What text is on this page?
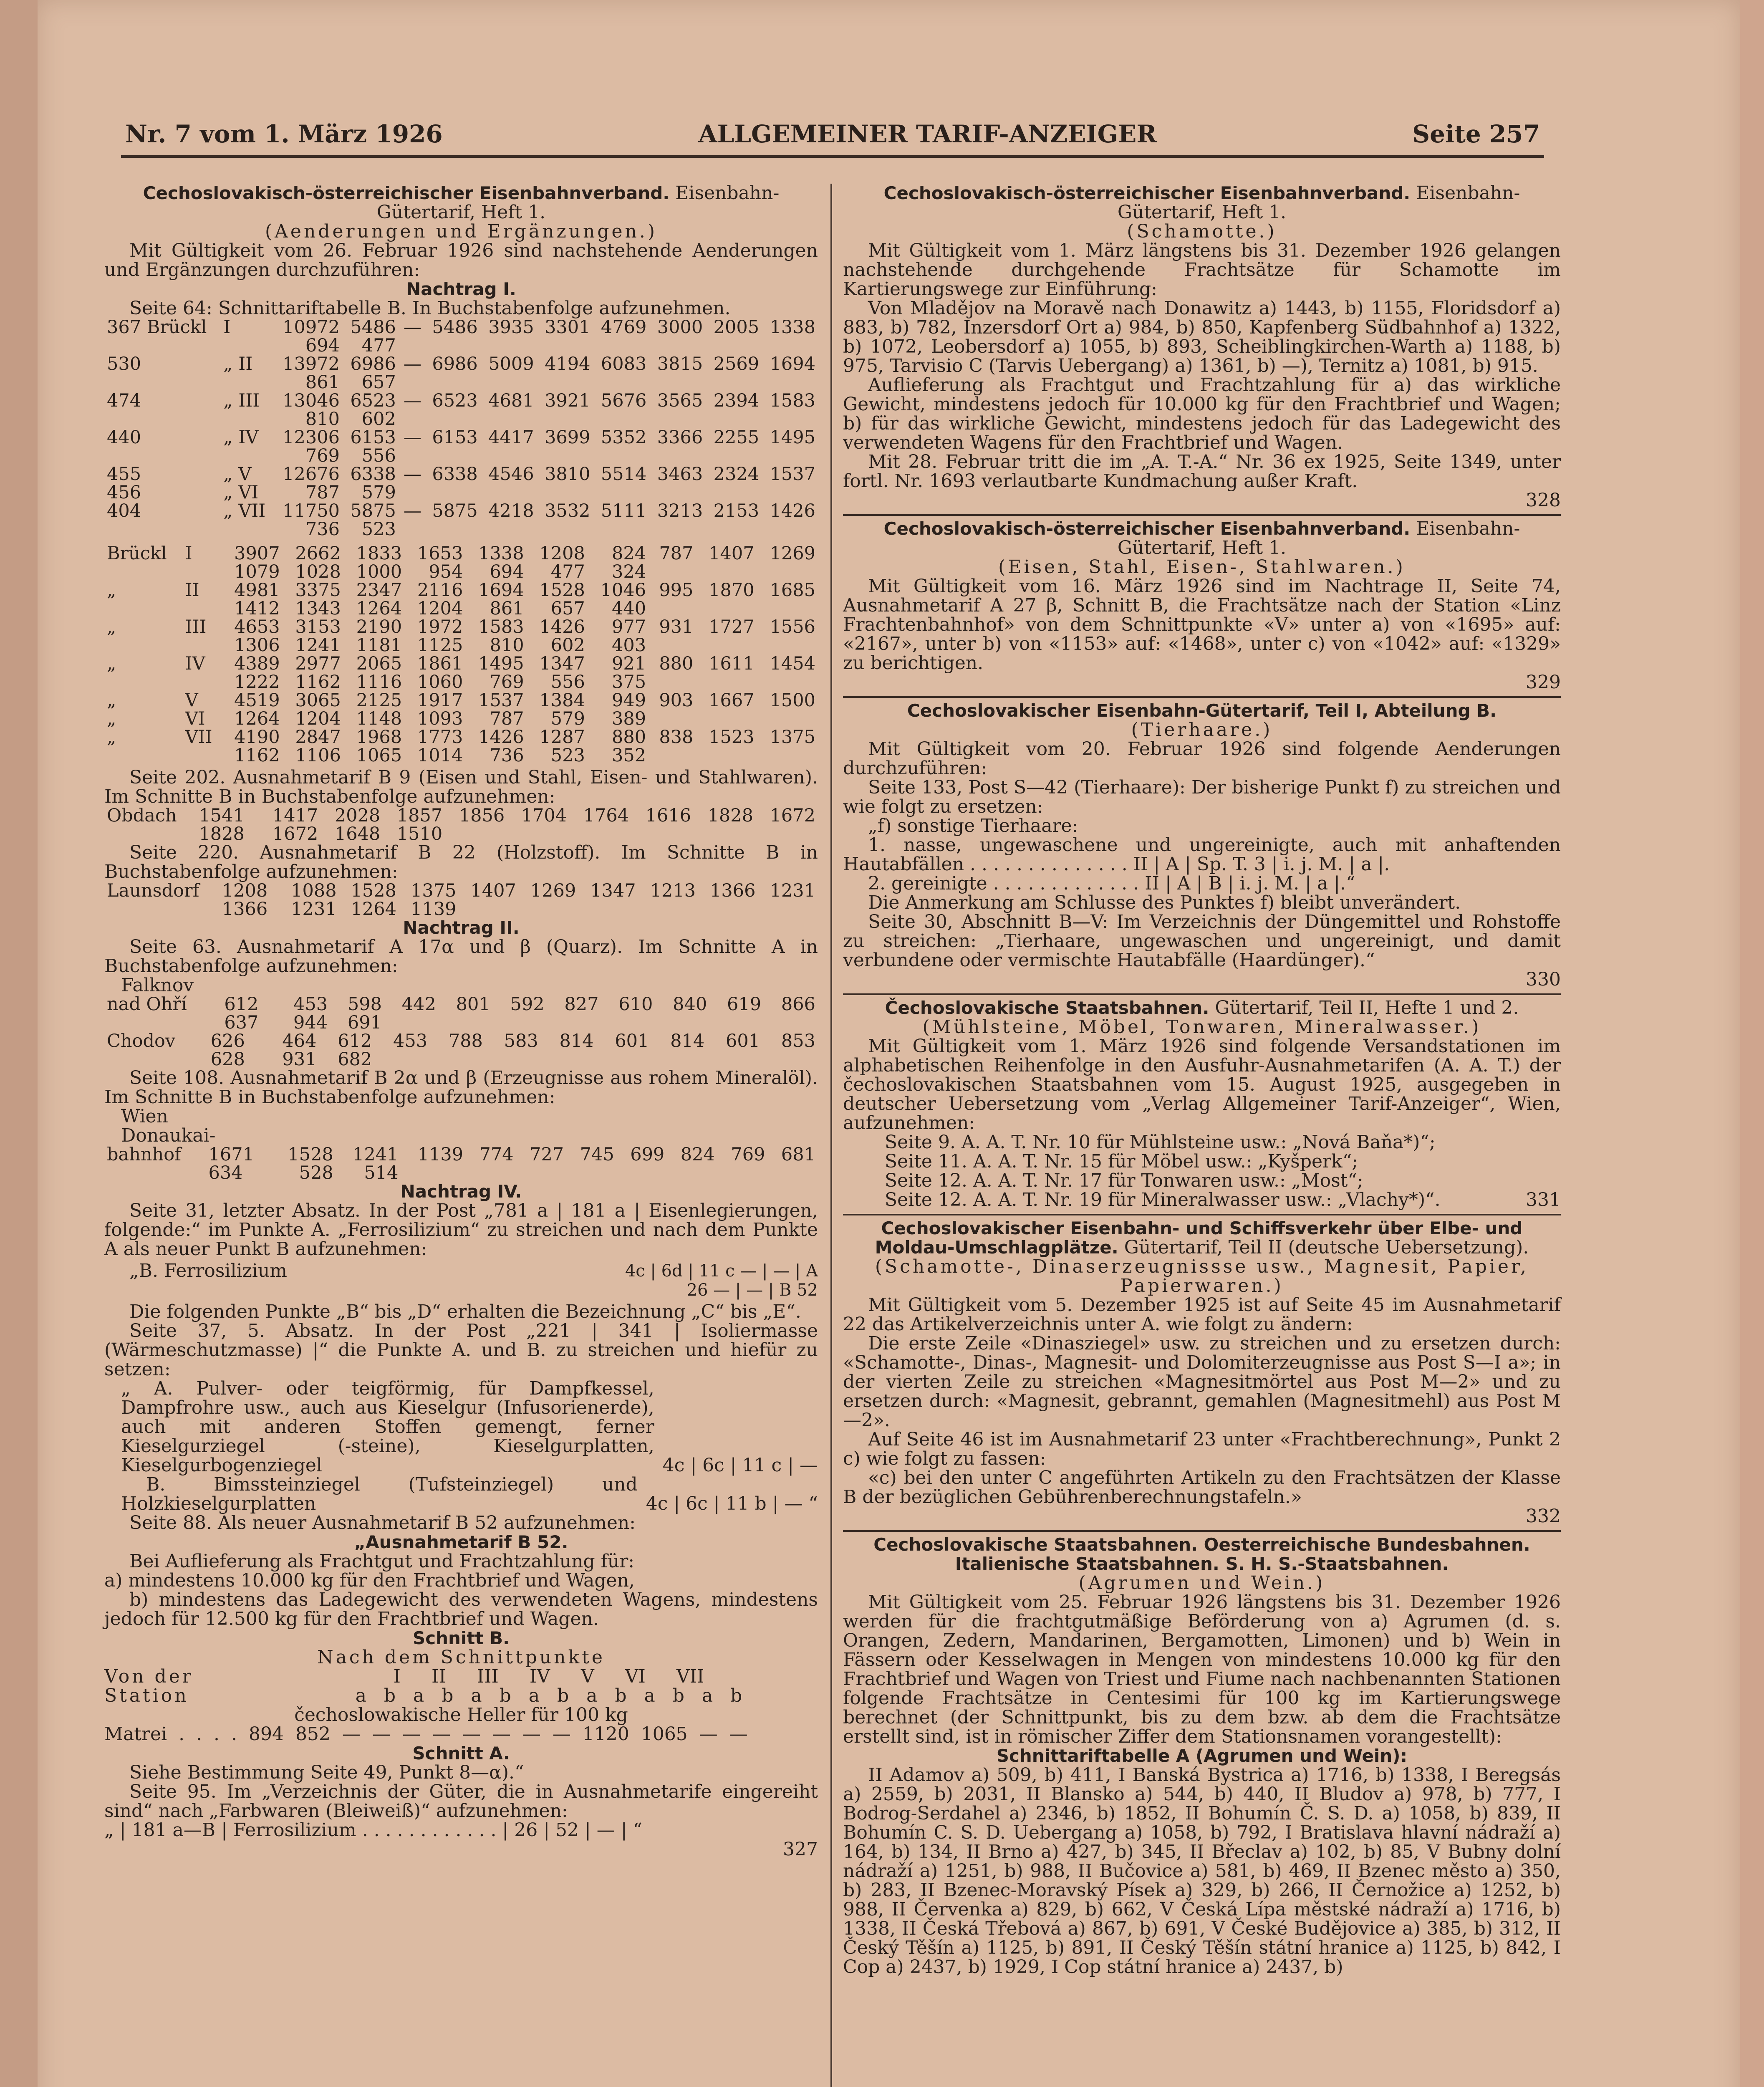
Nr. 7 vom 1. März 1926	ALLGEMEINER TARIF-ANZEIGER	Seite 257
Cechoslovakisch-österreichischer Eisenbahnverband. Eisenbahn-Gütertarif, Heft 1.
(Aenderungen und Ergänzungen.)

Mit Gültigkeit vom 26. Februar 1926 sind nachstehende Aenderungen und Ergänzungen durchzuführen:

Nachtrag I.

Seite 64: Schnittariftabelle B. In Buchstabenfolge aufzunehmen.

367 Brückl	I	10972	5486	—	5486	3935	3301	4769	3000	2005	1338
		694	477								
530	„ II	13972	6986	—	6986	5009	4194	6083	3815	2569	1694
		861	657								
474	„ III	13046	6523	—	6523	4681	3921	5676	3565	2394	1583
		810	602								
440	„ IV	12306	6153	—	6153	4417	3699	5352	3366	2255	1495
		769	556								
455	„ V	12676	6338	—	6338	4546	3810	5514	3463	2324	1537
456	„ VI	787	579								
404	„ VII	11750	5875	—	5875	4218	3532	5111	3213	2153	1426
		736	523								
Brückl	I	3907	2662	1833	1653	1338	1208	824	787	1407	1269
		1079	1028	1000	954	694	477	324			
„	II	4981	3375	2347	2116	1694	1528	1046	995	1870	1685
		1412	1343	1264	1204	861	657	440			
„	III	4653	3153	2190	1972	1583	1426	977	931	1727	1556
		1306	1241	1181	1125	810	602	403			
„	IV	4389	2977	2065	1861	1495	1347	921	880	1611	1454
		1222	1162	1116	1060	769	556	375			
„	V	4519	3065	2125	1917	1537	1384	949	903	1667	1500
„	VI	1264	1204	1148	1093	787	579	389			
„	VII	4190	2847	1968	1773	1426	1287	880	838	1523	1375
		1162	1106	1065	1014	736	523	352			

Seite 202. Ausnahmetarif B 9 (Eisen und Stahl, Eisen- und Stahlwaren). Im Schnitte B in Buchstabenfolge aufzunehmen:

Obdach	1541	1417	2028	1857	1856	1704	1764	1616	1828	1672
	1828	1672	1648	1510						

Seite 220. Ausnahmetarif B 22 (Holzstoff). Im Schnitte B in Buchstabenfolge aufzunehmen:

Launsdorf	1208	1088	1528	1375	1407	1269	1347	1213	1366	1231
	1366	1231	1264	1139						
Nachtrag II.

Seite 63. Ausnahmetarif A 17α und β (Quarz). Im Schnitte A in Buchstabenfolge aufzunehmen:

Falknov
nad Ohří	612	453	598	442	801	592	827	610	840	619	866
	637	944	691								
Chodov	626	464	612	453	788	583	814	601	814	601	853
	628	931	682								

Seite 108. Ausnahmetarif B 2α und β (Erzeugnisse aus rohem Mineralöl). Im Schnitte B in Buchstabenfolge aufzunehmen:

Wien
Donaukai-
bahnhof	1671	1528	1241	1139	774	727	745	699	824	769	681
	634	528	514								
Nachtrag IV.

Seite 31, letzter Absatz. In der Post „781 a | 181 a | Eisenlegierungen, folgende:“ im Punkte A. „Ferrosilizium“ zu streichen und nach dem Punkte A als neuer Punkt B aufzunehmen:

„B. Ferrosilizium	4c | 6d | 11 c — | — | A 26 — | — | B 52

Die folgenden Punkte „B“ bis „D“ erhalten die Bezeichnung „C“ bis „E“.

Seite 37, 5. Absatz. In der Post „221 | 341 | Isoliermasse (Wärmeschutzmasse) |“ die Punkte A. und B. zu streichen und hiefür zu setzen:

„ A. Pulver- oder teigförmig, für Dampfkessel, Dampfrohre usw., auch aus Kieselgur (Infusorienerde), auch mit anderen Stoffen gemengt, ferner Kieselgurziegel (-steine), Kieselgurplatten, Kieselgurbogenziegel	4c | 6c | 11 c | —

B. Bimssteinziegel (Tufsteinziegel) und Holzkieselgurplatten	4c | 6c | 11 b | — “

Seite 88. Als neuer Ausnahmetarif B 52 aufzunehmen:

„Ausnahmetarif B 52.

Bei Auflieferung als Frachtgut und Frachtzahlung für:

a) mindestens 10.000 kg für den Frachtbrief und Wagen,

b) mindestens das Ladegewicht des verwendeten Wagens, mindestens jedoch für 12.500 kg für den Frachtbrief und Wagen.

Schnitt B.
Nach dem Schnittpunkte
Von der Station
I II III IV V VI VII
a b a b a b a b a b a b a b
čechoslowakische Heller für 100 kg
Matrei . . . . 894 852 — — — — — — — — 1120 1065 — —
Schnitt A.

Siehe Bestimmung Seite 49, Punkt 8—α).“

Seite 95. Im „Verzeichnis der Güter, die in Ausnahmetarife eingereiht sind“ nach „Farbwaren (Bleiweiß)“ aufzunehmen:

„ | 181 a—B | Ferrosilizium . . . . . . . . . . . . | 26 | 52 | — | “

327
Cechoslovakisch-österreichischer Eisenbahnverband. Eisenbahn-Gütertarif, Heft 1.
(Schamotte.)

Mit Gültigkeit vom 1. März längstens bis 31. Dezember 1926 gelangen nachstehende durchgehende Frachtsätze für Schamotte im Kartierungswege zur Einführung:

Von Mladějov na Moravě nach Donawitz a) 1443, b) 1155, Floridsdorf a) 883, b) 782, Inzersdorf Ort a) 984, b) 850, Kapfenberg Südbahnhof a) 1322, b) 1072, Leobersdorf a) 1055, b) 893, Scheiblingkirchen-Warth a) 1188, b) 975, Tarvisio C (Tarvis Uebergang) a) 1361, b) —), Ternitz a) 1081, b) 915.

Auflieferung als Frachtgut und Frachtzahlung für a) das wirkliche Gewicht, mindestens jedoch für 10.000 kg für den Frachtbrief und Wagen; b) für das wirkliche Gewicht, mindestens jedoch für das Ladegewicht des verwendeten Wagens für den Frachtbrief und Wagen.

Mit 28. Februar tritt die im „A. T.-A.“ Nr. 36 ex 1925, Seite 1349, unter fortl. Nr. 1693 verlautbarte Kundmachung außer Kraft.

328
Cechoslovakisch-österreichischer Eisenbahnverband. Eisenbahn-Gütertarif, Heft 1.
(Eisen, Stahl, Eisen-, Stahlwaren.)

Mit Gültigkeit vom 16. März 1926 sind im Nachtrage II, Seite 74, Ausnahmetarif A 27 β, Schnitt B, die Frachtsätze nach der Station «Linz Frachtenbahnhof» von dem Schnittpunkte «V» unter a) von «1695» auf: «2167», unter b) von «1153» auf: «1468», unter c) von «1042» auf: «1329» zu berichtigen.

329
Cechoslovakischer Eisenbahn-Gütertarif, Teil I, Abteilung B.
(Tierhaare.)

Mit Gültigkeit vom 20. Februar 1926 sind folgende Aenderungen durchzuführen:

Seite 133, Post S—42 (Tierhaare): Der bisherige Punkt f) zu streichen und wie folgt zu ersetzen:

„f) sonstige Tierhaare:

1. nasse, ungewaschene und ungereinigte, auch mit anhaftenden Hautabfällen . . . . . . . . . . . . . . II | A | Sp. T. 3 | i. j. M. | a |.

2. gereinigte . . . . . . . . . . . . . II | A | B | i. j. M. | a |.“

Die Anmerkung am Schlusse des Punktes f) bleibt unverändert.

Seite 30, Abschnitt B—V: Im Verzeichnis der Düngemittel und Rohstoffe zu streichen: „Tierhaare, ungewaschen und ungereinigt, und damit verbundene oder vermischte Hautabfälle (Haardünger).“

330
Čechoslovakische Staatsbahnen. Gütertarif, Teil II, Hefte 1 und 2.
(Mühlsteine, Möbel, Tonwaren, Mineralwasser.)

Mit Gültigkeit vom 1. März 1926 sind folgende Versandstationen im alphabetischen Reihenfolge in den Ausfuhr-Ausnahmetarifen (A. A. T.) der čechoslovakischen Staatsbahnen vom 15. August 1925, ausgegeben in deutscher Uebersetzung vom „Verlag Allgemeiner Tarif-Anzeiger“, Wien, aufzunehmen:

Seite 9. A. A. T. Nr. 10 für Mühlsteine usw.: „Nová Baňa*)“;

Seite 11. A. A. T. Nr. 15 für Möbel usw.: „Kyšperk“;

Seite 12. A. A. T. Nr. 17 für Tonwaren usw.: „Most“;

Seite 12. A. A. T. Nr. 19 für Mineralwasser usw.: „Vlachy*)“.	331
Cechoslovakischer Eisenbahn- und Schiffsverkehr über Elbe- und Moldau-Umschlagplätze. Gütertarif, Teil II (deutsche Uebersetzung).
(Schamotte-, Dinaserzeugnissse usw., Magnesit, Papier, Papierwaren.)

Mit Gültigkeit vom 5. Dezember 1925 ist auf Seite 45 im Ausnahmetarif 22 das Artikelverzeichnis unter A. wie folgt zu ändern:

Die erste Zeile «Dinasziegel» usw. zu streichen und zu ersetzen durch: «Schamotte-, Dinas-, Magnesit- und Dolomiterzeugnisse aus Post S—I a»; in der vierten Zeile zu streichen «Magnesitmörtel aus Post M—2» und zu ersetzen durch: «Magnesit, gebrannt, gemahlen (Magnesitmehl) aus Post M—2».

Auf Seite 46 ist im Ausnahmetarif 23 unter «Frachtberechnung», Punkt 2 c) wie folgt zu fassen:

«c) bei den unter C angeführten Artikeln zu den Frachtsätzen der Klasse B der bezüglichen Gebührenberechnungstafeln.»

332
Cechoslovakische Staatsbahnen. Oesterreichische Bundesbahnen. Italienische Staatsbahnen. S. H. S.-Staatsbahnen.
(Agrumen und Wein.)

Mit Gültigkeit vom 25. Februar 1926 längstens bis 31. Dezember 1926 werden für die frachtgutmäßige Beförderung von a) Agrumen (d. s. Orangen, Zedern, Mandarinen, Bergamotten, Limonen) und b) Wein in Fässern oder Kesselwagen in Mengen von mindestens 10.000 kg für den Frachtbrief und Wagen von Triest und Fiume nach nachbenannten Stationen folgende Frachtsätze in Centesimi für 100 kg im Kartierungswege berechnet (der Schnittpunkt, bis zu dem bzw. ab dem die Frachtsätze erstellt sind, ist in römischer Ziffer dem Stationsnamen vorangestellt):

Schnittariftabelle A (Agrumen und Wein):

II Adamov a) 509, b) 411, I Banská Bystrica a) 1716, b) 1338, I Beregsás a) 2559, b) 2031, II Blansko a) 544, b) 440, II Bludov a) 978, b) 777, I Bodrog-Serdahel a) 2346, b) 1852, II Bohumín Č. S. D. a) 1058, b) 839, II Bohumín C. S. D. Uebergang a) 1058, b) 792, I Bratislava hlavní nádraží a) 164, b) 134, II Brno a) 427, b) 345, II Břeclav a) 102, b) 85, V Bubny dolní nádraží a) 1251, b) 988, II Bučovice a) 581, b) 469, II Bzenec město a) 350, b) 283, II Bzenec-Moravský Písek a) 329, b) 266, II Černožice a) 1252, b) 988, II Červenka a) 829, b) 662, V Česká Lípa městské nádraží a) 1716, b) 1338, II Česká Třebová a) 867, b) 691, V České Budějovice a) 385, b) 312, II Český Těšín a) 1125, b) 891, II Český Těšín státní hranice a) 1125, b) 842, I Cop a) 2437, b) 1929, I Cop státní hranice a) 2437, b)
